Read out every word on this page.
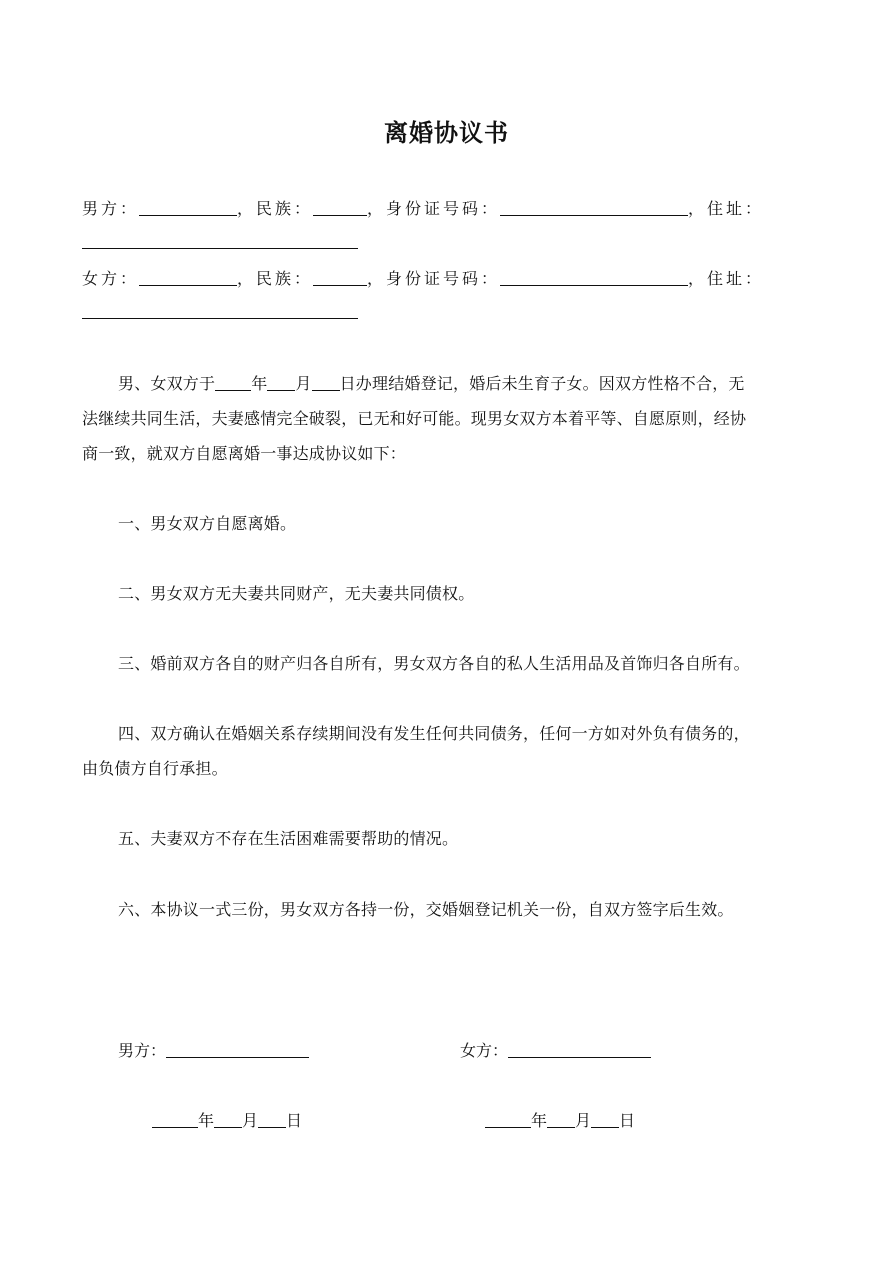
离婚协议书
男方：	，民族：	，身份证号码：	，住址：
女方：	，民族：	，身份证号码：	，住址：
男、女双方于 年 月 日办理结婚登记，婚后未生育子女。因双方性格不合，无
法继续共同生活，夫妻感情完全破裂，已无和好可能。现男女双方本着平等、自愿原则，经协
商一致，就双方自愿离婚一事达成协议如下：
一、男女双方自愿离婚。
二、男女双方无夫妻共同财产，无夫妻共同债权。
三、婚前双方各自的财产归各自所有，男女双方各自的私人生活用品及首饰归各自所有。
四、双方确认在婚姻关系存续期间没有发生任何共同债务，任何一方如对外负有债务的，
由负债方自行承担。
五、夫妻双方不存在生活困难需要帮助的情况。
六、本协议一式三份，男女双方各持一份，交婚姻登记机关一份，自双方签字后生效。
男方：	女方：
年 月 日	年 月 日
